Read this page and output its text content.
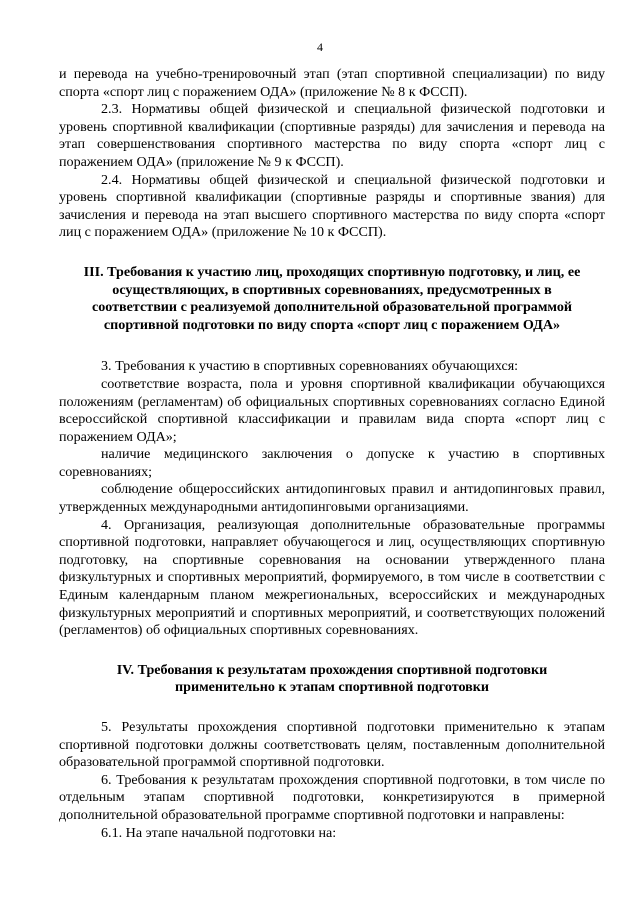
4

и перевода на учебно-тренировочный этап (этап спортивной специализации) по виду спорта «спорт лиц с поражением ОДА» (приложение № 8 к ФССП).

2.3. Нормативы общей физической и специальной физической подготовки и уровень спортивной квалификации (спортивные разряды) для зачисления и перевода на этап совершенствования спортивного мастерства по виду спорта «спорт лиц с поражением ОДА» (приложение № 9 к ФССП).

2.4. Нормативы общей физической и специальной физической подготовки и уровень спортивной квалификации (спортивные разряды и спортивные звания) для зачисления и перевода на этап высшего спортивного мастерства по виду спорта «спорт лиц с поражением ОДА» (приложение № 10 к ФССП).

III. Требования к участию лиц, проходящих спортивную подготовку, и лиц, ее осуществляющих, в спортивных соревнованиях, предусмотренных в соответствии с реализуемой дополнительной образовательной программой спортивной подготовки по виду спорта «спорт лиц с поражением ОДА»

3. Требования к участию в спортивных соревнованиях обучающихся:

соответствие возраста, пола и уровня спортивной квалификации обучающихся положениям (регламентам) об официальных спортивных соревнованиях согласно Единой всероссийской спортивной классификации и правилам вида спорта «спорт лиц с поражением ОДА»;

наличие медицинского заключения о допуске к участию в спортивных соревнованиях;

соблюдение общероссийских антидопинговых правил и антидопинговых правил, утвержденных международными антидопинговыми организациями.

4. Организация, реализующая дополнительные образовательные программы спортивной подготовки, направляет обучающегося и лиц, осуществляющих спортивную подготовку, на спортивные соревнования на основании утвержденного плана физкультурных и спортивных мероприятий, формируемого, в том числе в соответствии с Единым календарным планом межрегиональных, всероссийских и международных физкультурных мероприятий и спортивных мероприятий, и соответствующих положений (регламентов) об официальных спортивных соревнованиях.

IV. Требования к результатам прохождения спортивной подготовки применительно к этапам спортивной подготовки

5. Результаты прохождения спортивной подготовки применительно к этапам спортивной подготовки должны соответствовать целям, поставленным дополнительной образовательной программой спортивной подготовки.

6. Требования к результатам прохождения спортивной подготовки, в том числе по отдельным этапам спортивной подготовки, конкретизируются в примерной дополнительной образовательной программе спортивной подготовки и направлены:

6.1. На этапе начальной подготовки на:
